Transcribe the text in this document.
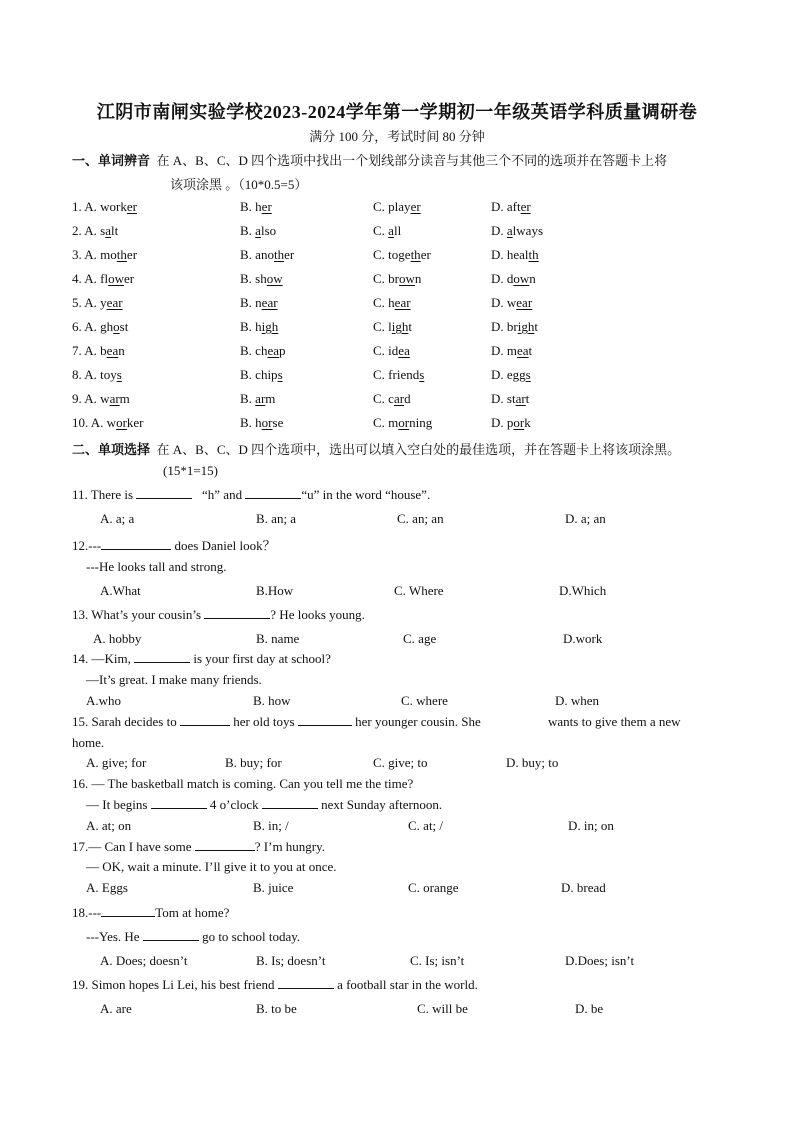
江阴市南闸实验学校2023-2024学年第一学期初一年级英语学科质量调研卷
满分 100 分，考试时间 80 分钟
一、单词辨音 在 A、B、C、D 四个选项中找出一个划线部分读音与其他三个不同的选项并在答题卡上将
该项涂黑 。（10*0.5=5）
1. A. worker	B. her	C. player	D. after
2. A. salt	B. also	C. all	D. always
3. A. mother	B. another	C. together	D. health
4. A. flower	B. show	C. brown	D. down
5. A. year	B. near	C. hear	D. wear
6. A. ghost	B. high	C. light	D. bright
7. A. bean	B. cheap	C. idea	D. meat
8. A. toys	B. chips	C. friends	D. eggs
9. A. warm	B. arm	C. card	D. start
10. A. worker	B. horse	C. morning	D. pork
二、单项选择 在 A、B、C、D 四个选项中，选出可以填入空白处的最佳选项，并在答题卡上将该项涂黑。
(15*1=15)
11. There is	“h” and	“u” in the word “house”.
A. a; a	B. an; a	C. an; an	D. a; an
12.---	does Daniel look？
---He looks tall and strong.
A.What	B.How	C. Where	D.Which
13. What’s your cousin’s	? He looks young.
A. hobby	B. name	C. age	D.work
14. —Kim,	is your first day at school?
—It’s great. I make many friends.
A.who	B. how	C. where	D. when
15. Sarah decides to	her old toys	her younger cousin. She	wants to give them a new
home.
A. give; for	B. buy; for	C. give; to	D. buy; to
16. — The basketball match is coming. Can you tell me the time?
— It begins	4 o’clock	next Sunday afternoon.
A. at; on	B. in; /	C. at; /	D. in; on
17.— Can I have some	? I’m hungry.
— OK, wait a minute. I’ll give it to you at once.
A. Eggs	B. juice	C. orange	D. bread
18.---	Tom at home?
---Yes. He	go to school today.
A. Does; doesn’t	B. Is; doesn’t	C. Is; isn’t	D.Does; isn’t
19. Simon hopes Li Lei, his best friend	a football star in the world.
A. are	B. to be	C. will be	D. be
